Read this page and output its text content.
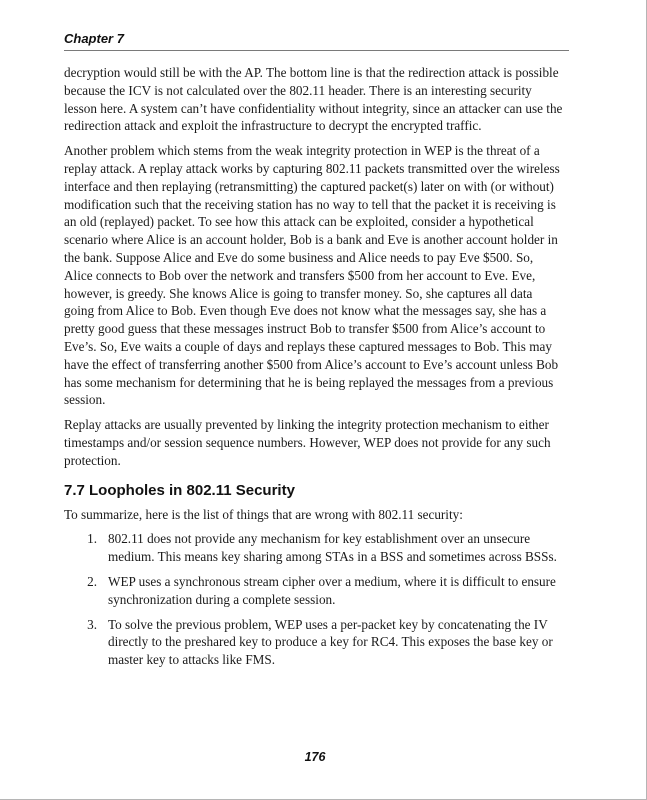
Chapter 7

decryption would still be with the AP. The bottom line is that the redirection attack is possible because the ICV is not calculated over the 802.11 header. There is an interesting security lesson here. A system can’t have confidentiality without integrity, since an attacker can use the redirection attack and exploit the infrastructure to decrypt the encrypted traffic.

Another problem which stems from the weak integrity protection in WEP is the threat of a replay attack. A replay attack works by capturing 802.11 packets transmitted over the wireless interface and then replaying (retransmitting) the captured packet(s) later on with (or without) modification such that the receiving station has no way to tell that the packet it is receiving is an old (replayed) packet. To see how this attack can be exploited, consider a hypothetical scenario where Alice is an account holder, Bob is a bank and Eve is another account holder in the bank. Suppose Alice and Eve do some business and Alice needs to pay Eve $500. So, Alice connects to Bob over the network and transfers $500 from her account to Eve. Eve, however, is greedy. She knows Alice is going to transfer money. So, she captures all data going from Alice to Bob. Even though Eve does not know what the messages say, she has a pretty good guess that these messages instruct Bob to transfer $500 from Alice’s account to Eve’s. So, Eve waits a couple of days and replays these captured messages to Bob. This may have the effect of transferring another $500 from Alice’s account to Eve’s account unless Bob has some mechanism for determining that he is being replayed the messages from a previous session.

Replay attacks are usually prevented by linking the integrity protection mechanism to either timestamps and/or session sequence numbers. However, WEP does not provide for any such protection.

7.7 Loopholes in 802.11 Security

To summarize, here is the list of things that are wrong with 802.11 security:

1. 802.11 does not provide any mechanism for key establishment over an unsecure medium. This means key sharing among STAs in a BSS and sometimes across BSSs.
2. WEP uses a synchronous stream cipher over a medium, where it is difficult to ensure synchronization during a complete session.
3. To solve the previous problem, WEP uses a per-packet key by concatenating the IV directly to the preshared key to produce a key for RC4. This exposes the base key or master key to attacks like FMS.
176
